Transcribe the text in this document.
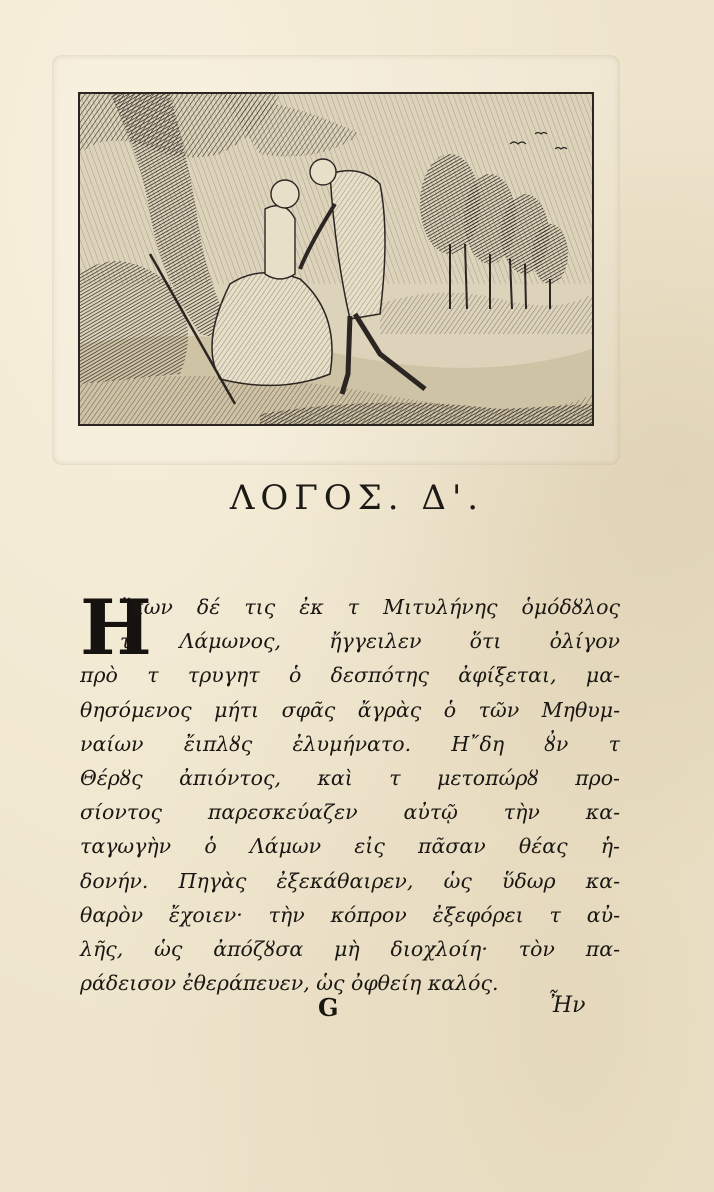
ΛΟΓΟΣ. Δ'.
Η
῎κων δέ τις ἐκ τ Μιτυλήνης ὁμόδȣλος
τ Λάμωνος, ἤγγειλεν ὅτι ὀλίγον
πρὸ τ τρυγητ ὁ δεσπότης ἀφίξεται, μα-
θησόμενος μήτι σφᾶς ἄγρὰς ὁ τῶν Μηθυμ-
ναίων ἔιπλȣς ἐλυμήνατο. Η῎δη ȣ̓ν τ
Θέρȣς ἀπιόντος, καὶ τ μετοπώρȣ προ-
σίοντος παρεσκεύαζεν αὐτῷ τὴν κα-
ταγωγὴν ὁ Λάμων εἰς πᾶσαν θέας ἡ-
δονήν. Πηγὰς ἐξεκάθαιρεν, ὡς ὕδωρ κα-
θαρὸν ἔχοιεν· τὴν κόπρον ἐξεφόρει τ αὐ-
λῆς, ὡς ἀπόζȣσα μὴ διοχλοίη· τὸν πα-
ράδεισον ἐθεράπευεν, ὡς ὀφθείη καλός.
G	Ἦν
